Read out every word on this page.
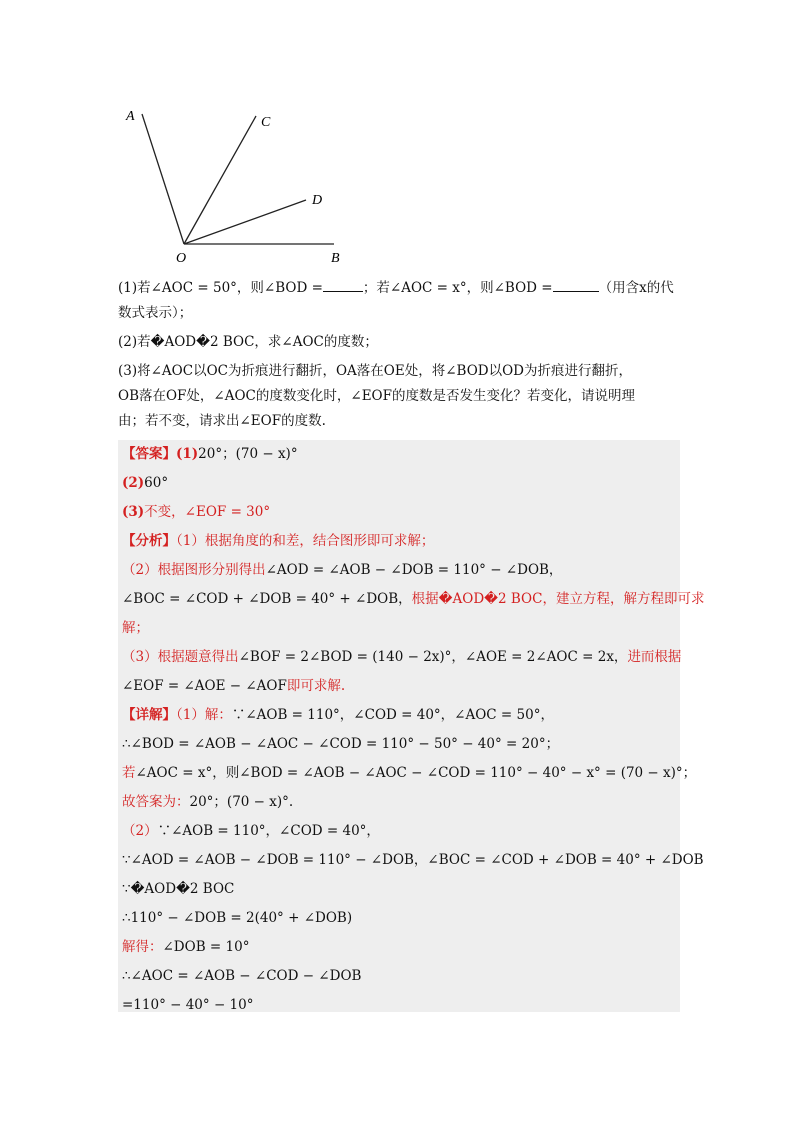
A	C
D
O	B

(1)若∠AOC = 50°，则∠BOD =	；若∠AOC = x°，则∠BOD =	（用含x的代
数式表示）；

(2)若�AOD�2 BOC，求∠AOC的度数；

(3)将∠AOC以OC为折痕进行翻折，OA落在OE处，将∠BOD以OD为折痕进行翻折，
OB落在OF处，∠AOC的度数变化时，∠EOF的度数是否发生变化？若变化，请说明理
由；若不变，请求出∠EOF的度数.

【答案】(1)20°；(70 − x)°

(2)60°

(3)不变，∠EOF = 30°

【分析】（1）根据角度的和差，结合图形即可求解；

（2）根据图形分别得出∠AOD = ∠AOB − ∠DOB = 110° − ∠DOB，

∠BOC = ∠COD + ∠DOB = 40° + ∠DOB，根据�AOD�2 BOC，建立方程，解方程即可求

解；

（3）根据题意得出∠BOF = 2∠BOD = (140 − 2x)°，∠AOE = 2∠AOC = 2x，进而根据

∠EOF = ∠AOE − ∠AOF即可求解.

【详解】（1）解：∵∠AOB = 110°，∠COD = 40°，∠AOC = 50°，

∴∠BOD = ∠AOB − ∠AOC − ∠COD = 110° − 50° − 40° = 20°；

若∠AOC = x°，则∠BOD = ∠AOB − ∠AOC − ∠COD = 110° − 40° − x° = (70 − x)°；

故答案为：20°；(70 − x)°.

（2）∵∠AOB = 110°，∠COD = 40°，

∵∠AOD = ∠AOB − ∠DOB = 110° − ∠DOB，∠BOC = ∠COD + ∠DOB = 40° + ∠DOB

∵�AOD�2 BOC

∴110° − ∠DOB = 2(40° + ∠DOB)

解得：∠DOB = 10°

∴∠AOC = ∠AOB − ∠COD − ∠DOB

=110° − 40° − 10°
